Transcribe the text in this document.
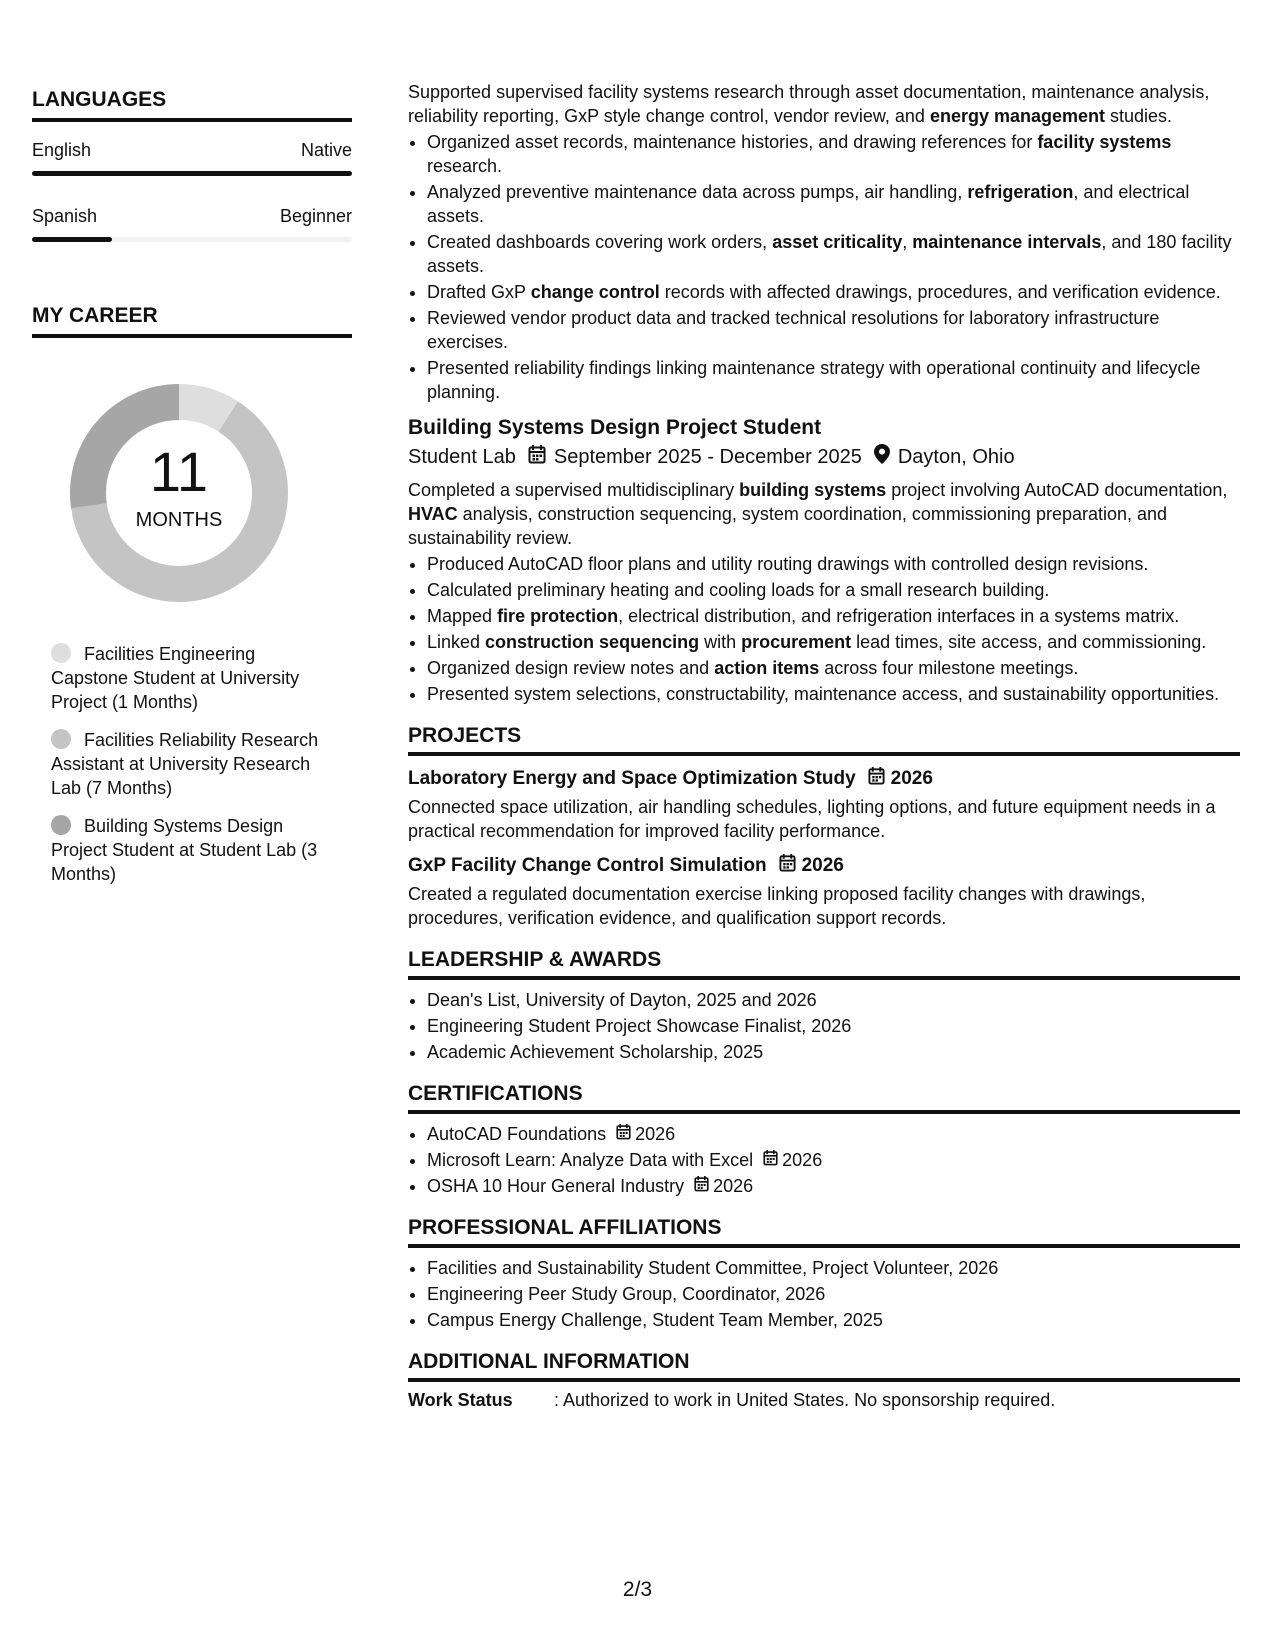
LANGUAGES
English	Native
Spanish	Beginner
MY CAREER
11
MONTHS
Facilities Engineering Capstone Student at University Project (1 Months)
Facilities Reliability Research Assistant at University Research Lab (7 Months)
Building Systems Design Project Student at Student Lab (3 Months)

Supported supervised facility systems research through asset documentation, maintenance analysis, reliability reporting, GxP style change control, vendor review, and energy management studies.

• Organized asset records, maintenance histories, and drawing references for facility systems research.
• Analyzed preventive maintenance data across pumps, air handling, refrigeration, and electrical assets.
• Created dashboards covering work orders, asset criticality, maintenance intervals, and 180 facility assets.
• Drafted GxP change control records with affected drawings, procedures, and verification evidence.
• Reviewed vendor product data and tracked technical resolutions for laboratory infrastructure exercises.
• Presented reliability findings linking maintenance strategy with operational continuity and lifecycle planning.
Building Systems Design Project Student
Student Lab September 2025 - December 2025 Dayton, Ohio

Completed a supervised multidisciplinary building systems project involving AutoCAD documentation, HVAC analysis, construction sequencing, system coordination, commissioning preparation, and sustainability review.

• Produced AutoCAD floor plans and utility routing drawings with controlled design revisions.
• Calculated preliminary heating and cooling loads for a small research building.
• Mapped fire protection, electrical distribution, and refrigeration interfaces in a systems matrix.
• Linked construction sequencing with procurement lead times, site access, and commissioning.
• Organized design review notes and action items across four milestone meetings.
• Presented system selections, constructability, maintenance access, and sustainability opportunities.
PROJECTS
Laboratory Energy and Space Optimization Study 2026

Connected space utilization, air handling schedules, lighting options, and future equipment needs in a practical recommendation for improved facility performance.

GxP Facility Change Control Simulation 2026

Created a regulated documentation exercise linking proposed facility changes with drawings, procedures, verification evidence, and qualification support records.

LEADERSHIP & AWARDS
• Dean's List, University of Dayton, 2025 and 2026
• Engineering Student Project Showcase Finalist, 2026
• Academic Achievement Scholarship, 2025
CERTIFICATIONS
• AutoCAD Foundations 2026
• Microsoft Learn: Analyze Data with Excel 2026
• OSHA 10 Hour General Industry 2026
PROFESSIONAL AFFILIATIONS
• Facilities and Sustainability Student Committee, Project Volunteer, 2026
• Engineering Peer Study Group, Coordinator, 2026
• Campus Energy Challenge, Student Team Member, 2025
ADDITIONAL INFORMATION
Work Status	: Authorized to work in United States. No sponsorship required.
2/3
